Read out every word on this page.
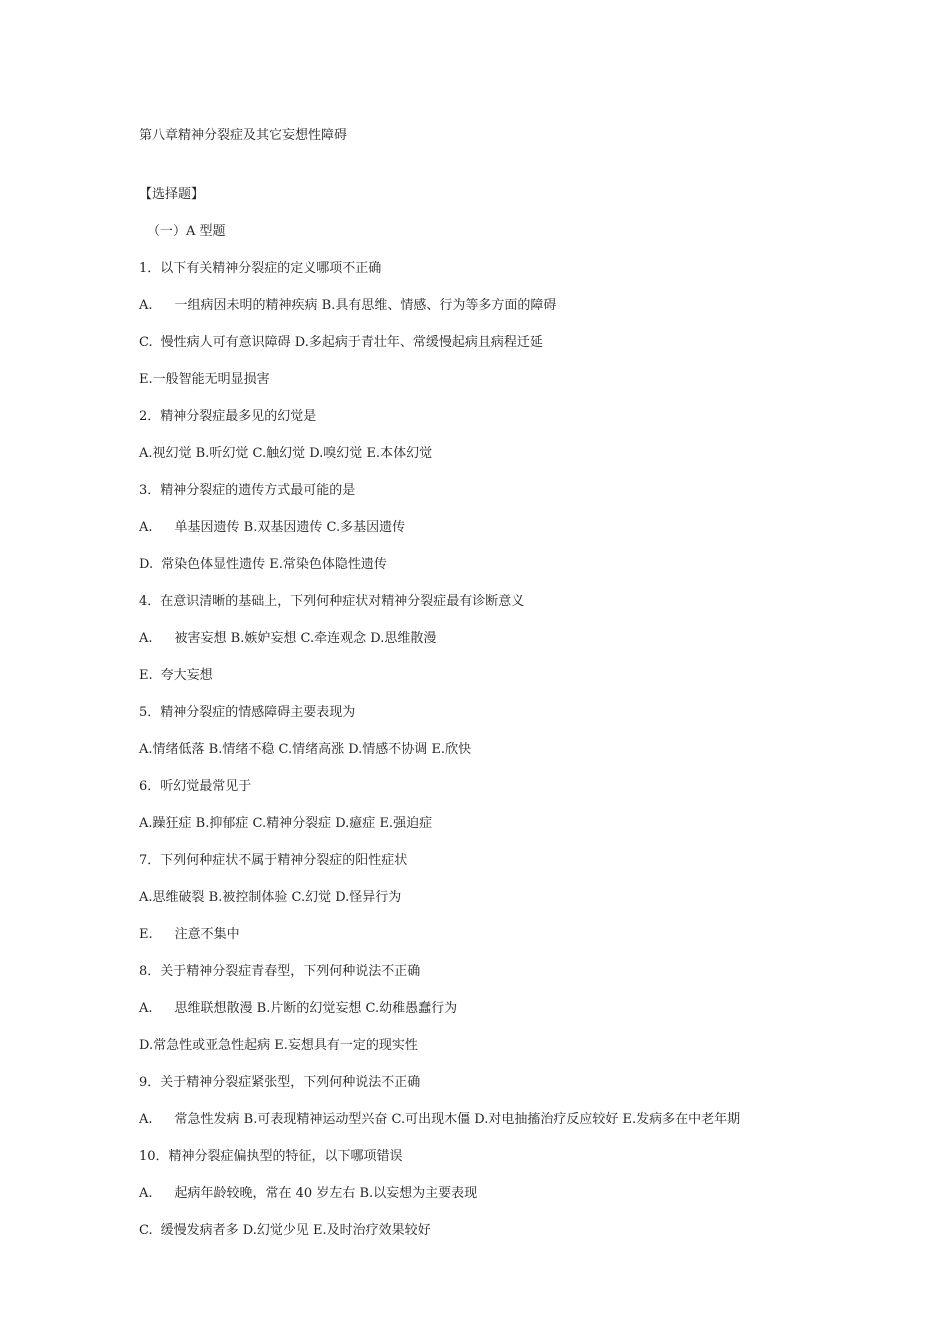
第八章精神分裂症及其它妄想性障碍
【选择题】
（一）A 型题
1．以下有关精神分裂症的定义哪项不正确
A. 一组病因未明的精神疾病 B.具有思维、情感、行为等多方面的障碍
C. 慢性病人可有意识障碍 D.多起病于青壮年、常缓慢起病且病程迁延
E.一般智能无明显损害
2．精神分裂症最多见的幻觉是
A.视幻觉 B.听幻觉 C.触幻觉 D.嗅幻觉 E.本体幻觉
3．精神分裂症的遗传方式最可能的是
A. 单基因遗传 B.双基因遗传 C.多基因遗传
D. 常染色体显性遗传 E.常染色体隐性遗传
4．在意识清晰的基础上，下列何种症状对精神分裂症最有诊断意义
A. 被害妄想 B.嫉妒妄想 C.牵连观念 D.思维散漫
E. 夸大妄想
5．精神分裂症的情感障碍主要表现为
A.情绪低落 B.情绪不稳 C.情绪高涨 D.情感不协调 E.欣快
6．听幻觉最常见于
A.躁狂症 B.抑郁症 C.精神分裂症 D.癔症 E.强迫症
7．下列何种症状不属于精神分裂症的阳性症状
A.思维破裂 B.被控制体验 C.幻觉 D.怪异行为
E. 注意不集中
8．关于精神分裂症青春型，下列何种说法不正确
A. 思维联想散漫 B.片断的幻觉妄想 C.幼稚愚蠢行为
D.常急性或亚急性起病 E.妄想具有一定的现实性
9．关于精神分裂症紧张型，下列何种说法不正确
A. 常急性发病 B.可表现精神运动型兴奋 C.可出现木僵 D.对电抽搐治疗反应较好 E.发病多在中老年期
10．精神分裂症偏执型的特征，以下哪项错误
A. 起病年龄较晚，常在 40 岁左右 B.以妄想为主要表现
C. 缓慢发病者多 D.幻觉少见 E.及时治疗效果较好
